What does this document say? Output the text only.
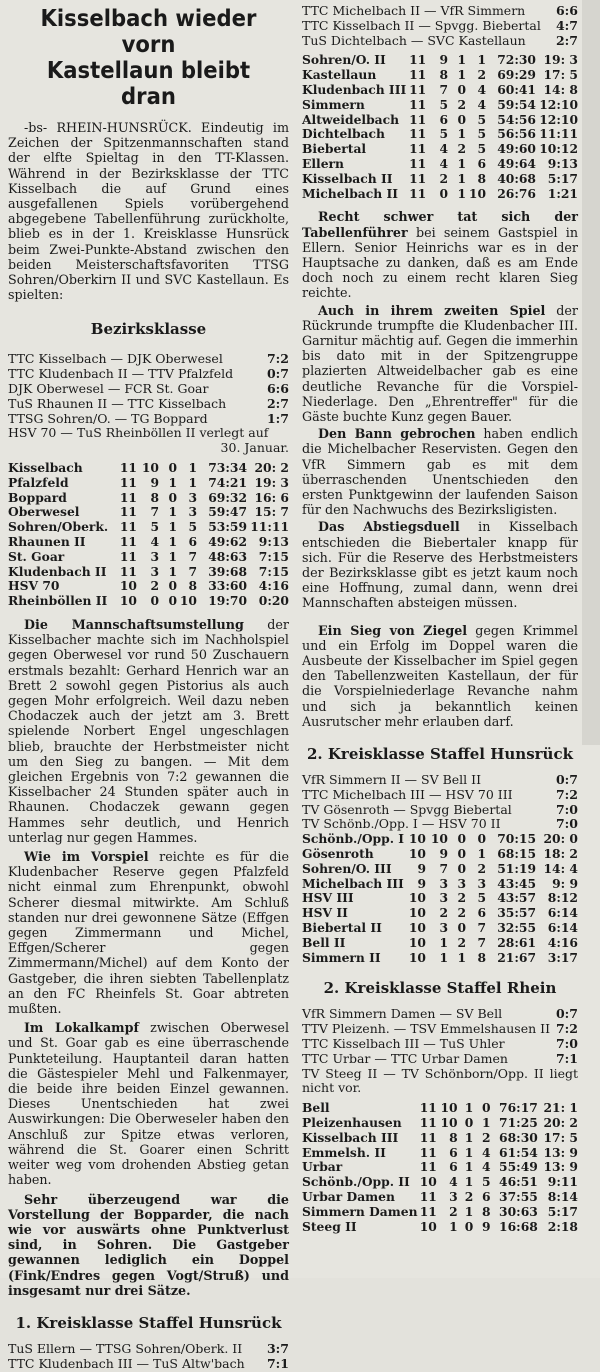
Kisselbach wieder vorn
Kastellaun bleibt dran

-bs- RHEIN-HUNSRÜCK. Eindeutig im Zeichen der Spitzenmannschaften stand der elfte Spieltag in den TT-Klassen. Während in der Bezirksklasse der TTC Kisselbach die auf Grund eines ausgefallenen Spiels vorübergehend abgegebene Tabellenführung zurückholte, blieb es in der 1. Kreisklasse Hunsrück beim Zwei-Punkte-Abstand zwischen den beiden Meisterschaftsfavoriten TTSG Sohren/Oberkirn II und SVC Kastellaun. Es spielten:

Bezirksklasse
TTC Kisselbach — DJK Oberwesel	7:2
TTC Kludenbach II — TTV Pfalzfeld	0:7
DJK Oberwesel — FCR St. Goar	6:6
TuS Rhaunen II — TTC Kisselbach	2:7
TTSG Sohren/O. — TG Boppard	1:7
HSV 70 — TuS Rheinböllen II verlegt auf
30. Januar.
Kisselbach	11	10	0	1	73:34	20: 2
Pfalzfeld	11	9	1	1	74:21	19: 3
Boppard	11	8	0	3	69:32	16: 6
Oberwesel	11	7	1	3	59:47	15: 7
Sohren/Oberk.	11	5	1	5	53:59	11:11
Rhaunen II	11	4	1	6	49:62	9:13
St. Goar	11	3	1	7	48:63	7:15
Kludenbach II	11	3	1	7	39:68	7:15
HSV 70	10	2	0	8	33:60	4:16
Rheinböllen II	10	0	0	10	19:70	0:20

Die Mannschaftsumstellung der Kisselbacher machte sich im Nachholspiel gegen Oberwesel vor rund 50 Zuschauern erstmals bezahlt: Gerhard Henrich war an Brett 2 sowohl gegen Pistorius als auch gegen Mohr erfolgreich. Weil dazu neben Chodaczek auch der jetzt am 3. Brett spielende Norbert Engel ungeschlagen blieb, brauchte der Herbstmeister nicht um den Sieg zu bangen. — Mit dem gleichen Ergebnis von 7:2 gewannen die Kisselbacher 24 Stunden später auch in Rhaunen. Chodaczek gewann gegen Hammes sehr deutlich, und Henrich unterlag nur gegen Hammes.

Wie im Vorspiel reichte es für die Kludenbacher Reserve gegen Pfalzfeld nicht einmal zum Ehrenpunkt, obwohl Scherer diesmal mitwirkte. Am Schluß standen nur drei gewonnene Sätze (Effgen gegen Zimmermann und Michel, Effgen/Scherer gegen Zimmermann/Michel) auf dem Konto der Gastgeber, die ihren siebten Tabellenplatz an den FC Rheinfels St. Goar abtreten mußten.

Im Lokalkampf zwischen Oberwesel und St. Goar gab es eine überraschende Punkteteilung. Hauptanteil daran hatten die Gästespieler Mehl und Falkenmayer, die beide ihre beiden Einzel gewannen. Dieses Unentschieden hat zwei Auswirkungen: Die Oberweseler haben den Anschluß zur Spitze etwas verloren, während die St. Goarer einen Schritt weiter weg vom drohenden Abstieg getan haben.

Sehr überzeugend war die Vorstellung der Bopparder, die nach wie vor auswärts ohne Punktverlust sind, in Sohren. Die Gastgeber gewannen lediglich ein Doppel (Fink/Endres gegen Vogt/Struß) und insgesamt nur drei Sätze.

1. Kreisklasse Staffel Hunsrück
TuS Ellern — TTSG Sohren/Oberk. II 3:7
TTC Kludenbach III — TuS Altw'bach 7:1
TTC Michelbach II — VfR Simmern 6:6
TTC Kisselbach II — Spvgg. Biebertal 4:7
TuS Dichtelbach — SVC Kastellaun 2:7
Sohren/O. II	11	9	1	1	72:30	19: 3
Kastellaun	11	8	1	2	69:29	17: 5
Kludenbach III	11	7	0	4	60:41	14: 8
Simmern	11	5	2	4	59:54	12:10
Altweidelbach	11	6	0	5	54:56	12:10
Dichtelbach	11	5	1	5	56:56	11:11
Biebertal	11	4	2	5	49:60	10:12
Ellern	11	4	1	6	49:64	9:13
Kisselbach II	11	2	1	8	40:68	5:17
Michelbach II	11	0	1	10	26:76	1:21

Recht schwer tat sich der Tabellenführer bei seinem Gastspiel in Ellern. Senior Heinrichs war es in der Hauptsache zu danken, daß es am Ende doch noch zu einem recht klaren Sieg reichte.

Auch in ihrem zweiten Spiel der Rückrunde trumpfte die Kludenbacher III. Garnitur mächtig auf. Gegen die immerhin bis dato mit in der Spitzengruppe plazierten Altweidelbacher gab es eine deutliche Revanche für die Vorspiel-Niederlage. Den „Ehrentreffer" für die Gäste buchte Kunz gegen Bauer.

Den Bann gebrochen haben endlich die Michelbacher Reservisten. Gegen den VfR Simmern gab es mit dem überraschenden Unentschieden den ersten Punktgewinn der laufenden Saison für den Nachwuchs des Bezirksligisten.

Das Abstiegsduell in Kisselbach entschieden die Biebertaler knapp für sich. Für die Reserve des Herbstmeisters der Bezirksklasse gibt es jetzt kaum noch eine Hoffnung, zumal dann, wenn drei Mannschaften absteigen müssen.

Ein Sieg von Ziegel gegen Krimmel und ein Erfolg im Doppel waren die Ausbeute der Kisselbacher im Spiel gegen den Tabellenzweiten Kastellaun, der für die Vorspielniederlage Revanche nahm und sich ja bekanntlich keinen Ausrutscher mehr erlauben darf.

2. Kreisklasse Staffel Hunsrück
VfR Simmern II — SV Bell II	0:7
TTC Michelbach III — HSV 70 III	7:2
TV Gösenroth — Spvgg Biebertal	7:0
TV Schönb./Opp. I — HSV 70 II	7:0
Schönb./Opp. I	10	10	0	0	70:15	20: 0
Gösenroth	10	9	0	1	68:15	18: 2
Sohren/O. III	9	7	0	2	51:19	14: 4
Michelbach III	9	3	3	3	43:45	9: 9
HSV III	10	3	2	5	43:57	8:12
HSV II	10	2	2	6	35:57	6:14
Biebertal II	10	3	0	7	32:55	6:14
Bell II	10	1	2	7	28:61	4:16
Simmern II	10	1	1	8	21:67	3:17
2. Kreisklasse Staffel Rhein
VfR Simmern Damen — SV Bell	0:7
TTV Pleizenh. — TSV Emmelshausen II 7:2
TTC Kisselbach III — TuS Uhler	7:0
TTC Urbar — TTC Urbar Damen	7:1
TV Steeg II — TV Schönborn/Opp. II liegt nicht vor.
Bell	11	10	1	0	76:17	21: 1
Pleizenhausen	11	10	0	1	71:25	20: 2
Kisselbach III	11	8	1	2	68:30	17: 5
Emmelsh. II	11	6	1	4	61:54	13: 9
Urbar	11	6	1	4	55:49	13: 9
Schönb./Opp. II	10	4	1	5	46:51	9:11
Urbar Damen	11	3	2	6	37:55	8:14
Simmern Damen	11	2	1	8	30:63	5:17
Steeg II	10	1	0	9	16:68	2:18
